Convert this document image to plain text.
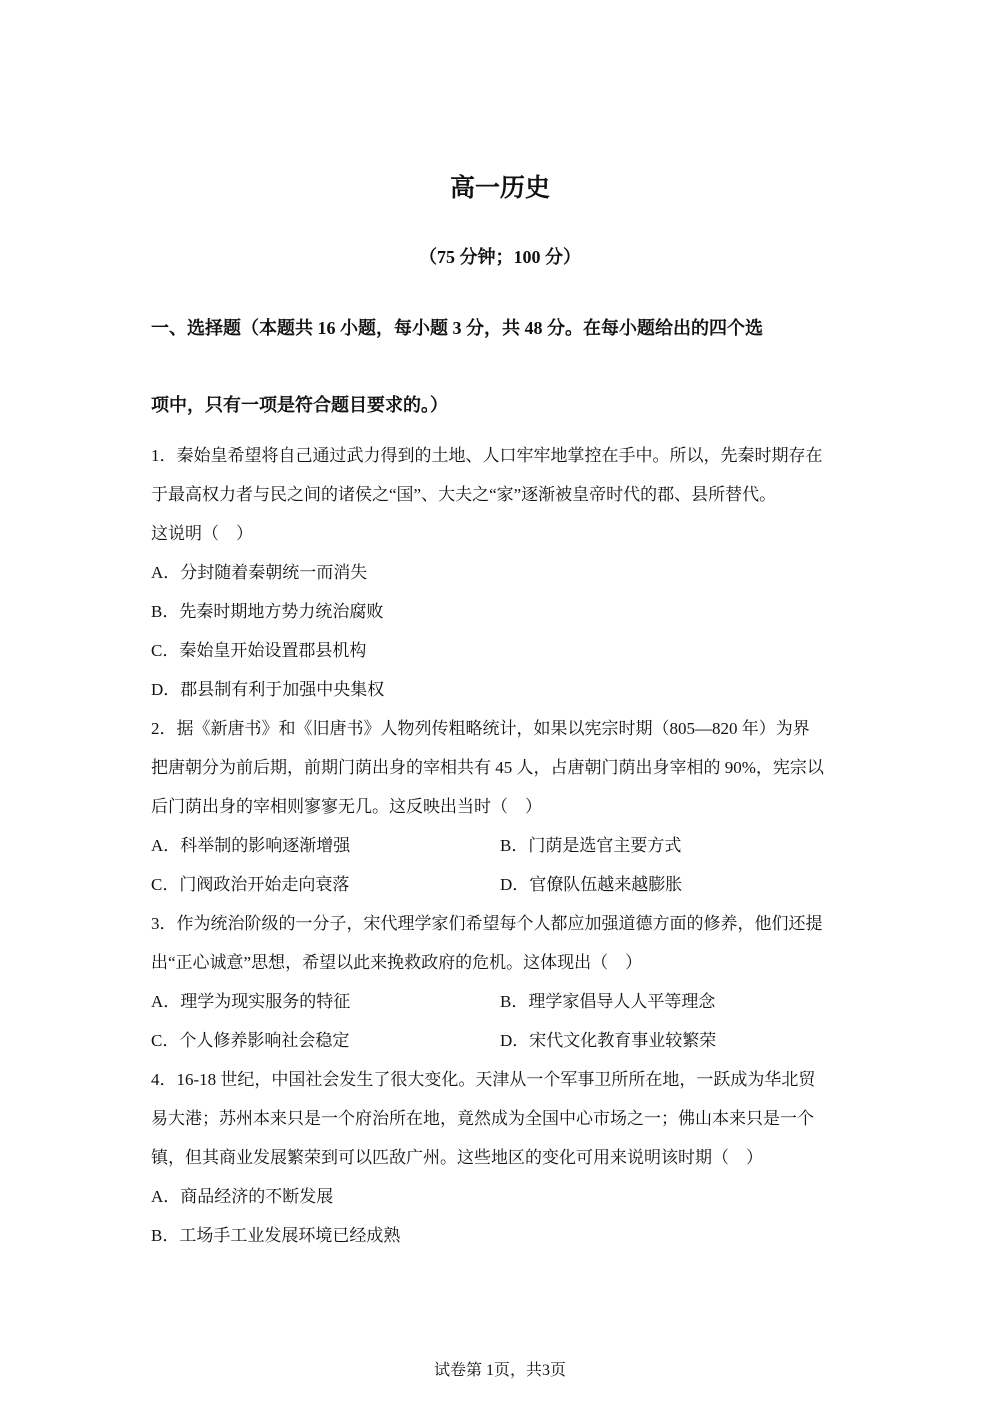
高一历史
（75 分钟；100 分）
一、选择题（本题共 16 小题，每小题 3 分，共 48 分。在每小题给出的四个选
项中，只有一项是符合题目要求的。）
1．秦始皇希望将自己通过武力得到的土地、人口牢牢地掌控在手中。所以，先秦时期存在
于最高权力者与民之间的诸侯之“国”、大夫之“家”逐渐被皇帝时代的郡、县所替代。
这说明（　）
A．分封随着秦朝统一而消失
B．先秦时期地方势力统治腐败
C．秦始皇开始设置郡县机构
D．郡县制有利于加强中央集权
2．据《新唐书》和《旧唐书》人物列传粗略统计，如果以宪宗时期（805—820 年）为界
把唐朝分为前后期，前期门荫出身的宰相共有 45 人，占唐朝门荫出身宰相的 90%，宪宗以
后门荫出身的宰相则寥寥无几。这反映出当时（　）
A．科举制的影响逐渐增强	B．门荫是选官主要方式
C．门阀政治开始走向衰落	D．官僚队伍越来越膨胀
3．作为统治阶级的一分子，宋代理学家们希望每个人都应加强道德方面的修养，他们还提
出“正心诚意”思想，希望以此来挽救政府的危机。这体现出（　）
A．理学为现实服务的特征	B．理学家倡导人人平等理念
C．个人修养影响社会稳定	D．宋代文化教育事业较繁荣
4．16-18 世纪，中国社会发生了很大变化。天津从一个军事卫所所在地，一跃成为华北贸
易大港；苏州本来只是一个府治所在地，竟然成为全国中心市场之一；佛山本来只是一个
镇，但其商业发展繁荣到可以匹敌广州。这些地区的变化可用来说明该时期（　）
A．商品经济的不断发展
B．工场手工业发展环境已经成熟
试卷第 1页，共3页
